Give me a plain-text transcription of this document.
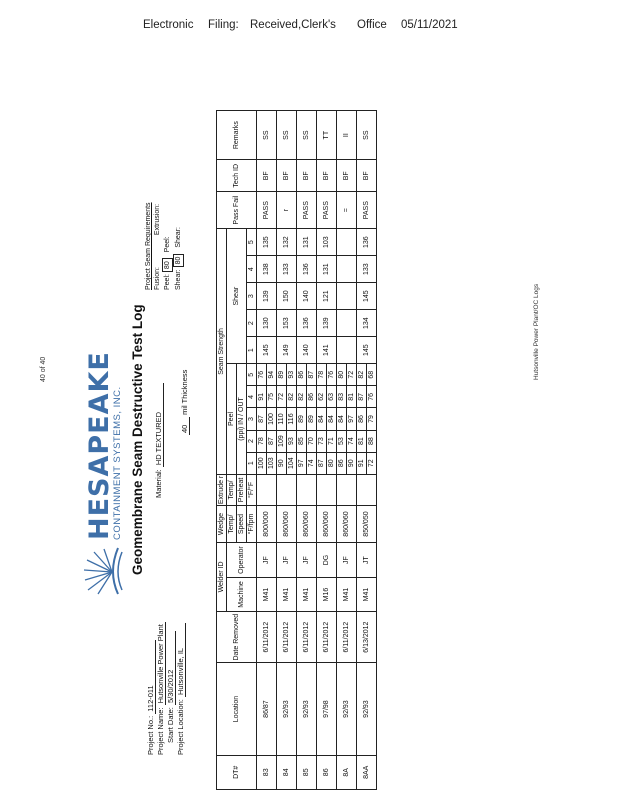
Electronic Filing: Received,Clerk's Office 05/11/2021
40 of 40	Hutsonville Power Plant/OC Logs
HESAPEAKE
CONTAINMENT SYSTEMS, INC. Geomembrane Seam Destructive Test Log
Project No.: 112-011
Project Name: Hutsonville Power Plant
Start Date: 5/30/2012
Project Location: Hutsonville, IL
Material: HD TEXTURED 40 mil Thickness
Project Seam Requirements Fusion: Extrusion:
Peel: 80 Peel:
Shear: 80 Shear:
DT#	Location	Date Removed	Welder ID		Wedge	Extrude r	Seam Strength										Pass Fail	Tech ID	Remarks
			Machine	Operator	Temp/	Temp/	Peel					Shear							
					Speed	Preheat	(ppi) IN / OUT												
					°F/fpm	°F/°F	1	2	3	4	5	1	2	3	4	5			
83	86/87	6/11/2012	M41	JF	800/000		100	78	87	91	76	145	130	139	138	135	PASS	BF	SS
							103	87	100	75	94								
84	92/93	6/11/2012	M41	JF	860/060		90	109	110	72	89	149	153	150	133	132	r	BF	SS
							104	93	116	82	93								
85	92/93	6/11/2012	M41	JF	860/060		97	85	89	82	86	140	136	140	136	131	PASS	BF	SS
							74	70	89	86	87								
86	97/98	6/11/2012	M16	DG	860/060		87	73	84	62	78	141	139	121	131	103	PASS	BF	TT
							80	71	84	63	76								
8A	92/93	6/11/2012	M41	JF	860/060		86	53	84	83	80						=	BF	II
							90	74	97	81	72								
8AA	92/93	6/13/2012	M41	JT	850/050		91	81	86	87	82	145	134	145	133	136	PASS	BF	SS
							72	88	79	76	68								
